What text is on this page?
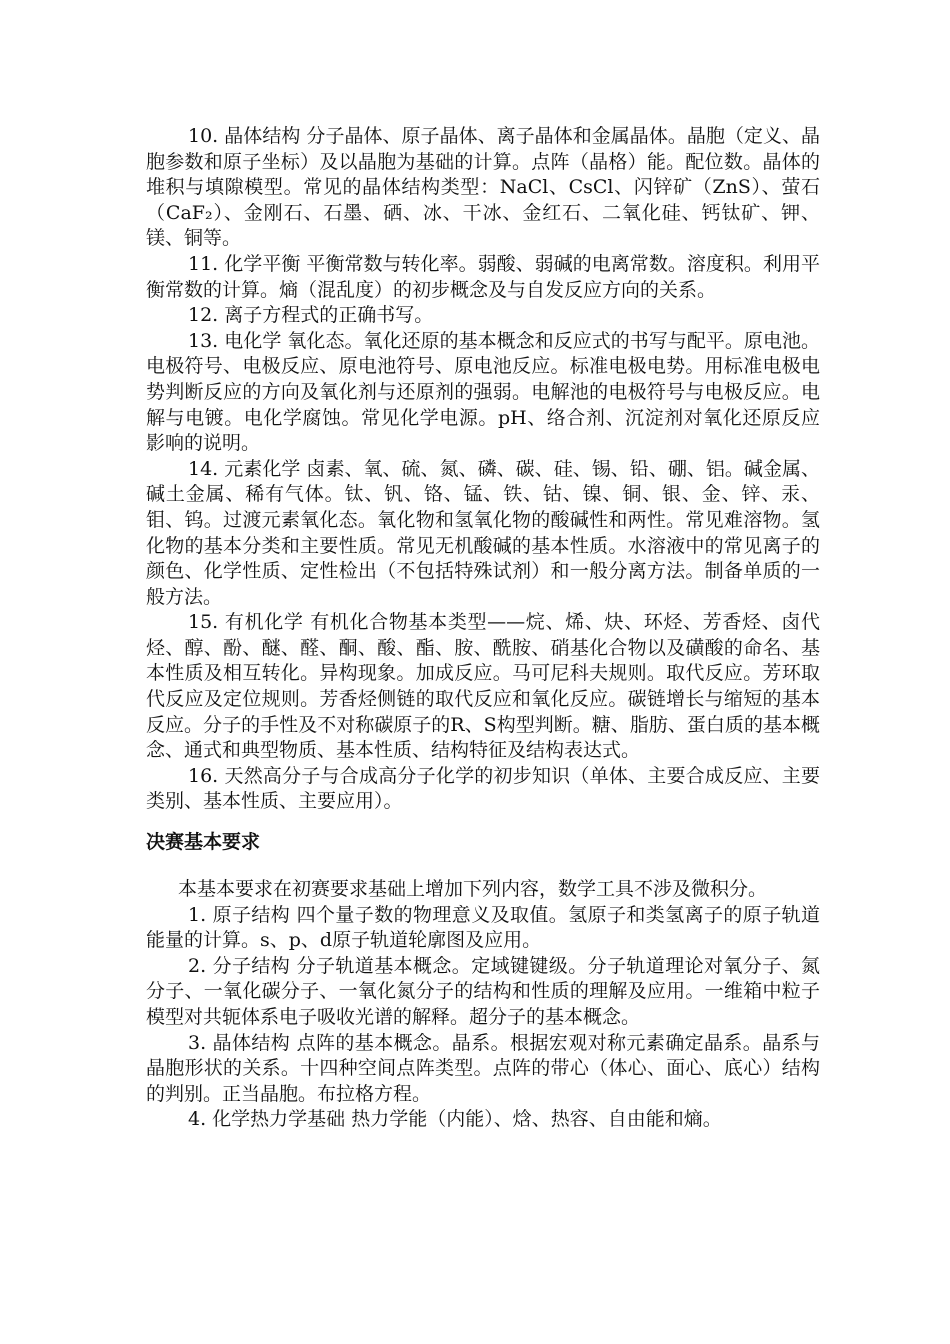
10. 晶体结构 分子晶体、原子晶体、离子晶体和金属晶体。晶胞（定义、晶胞参数和原子坐标）及以晶胞为基础的计算。点阵（晶格）能。配位数。晶体的堆积与填隙模型。常见的晶体结构类型：NaCl、CsCl、闪锌矿（ZnS）、萤石（CaF₂）、金刚石、石墨、硒、冰、干冰、金红石、二氧化硅、钙钛矿、钾、镁、铜等。

11. 化学平衡 平衡常数与转化率。弱酸、弱碱的电离常数。溶度积。利用平衡常数的计算。熵（混乱度）的初步概念及与自发反应方向的关系。

12. 离子方程式的正确书写。

13. 电化学 氧化态。氧化还原的基本概念和反应式的书写与配平。原电池。电极符号、电极反应、原电池符号、原电池反应。标准电极电势。用标准电极电势判断反应的方向及氧化剂与还原剂的强弱。电解池的电极符号与电极反应。电解与电镀。电化学腐蚀。常见化学电源。pH、络合剂、沉淀剂对氧化还原反应影响的说明。

14. 元素化学 卤素、氧、硫、氮、磷、碳、硅、锡、铅、硼、铝。碱金属、碱土金属、稀有气体。钛、钒、铬、锰、铁、钴、镍、铜、银、金、锌、汞、钼、钨。过渡元素氧化态。氧化物和氢氧化物的酸碱性和两性。常见难溶物。氢化物的基本分类和主要性质。常见无机酸碱的基本性质。水溶液中的常见离子的颜色、化学性质、定性检出（不包括特殊试剂）和一般分离方法。制备单质的一般方法。

15. 有机化学 有机化合物基本类型——烷、烯、炔、环烃、芳香烃、卤代烃、醇、酚、醚、醛、酮、酸、酯、胺、酰胺、硝基化合物以及磺酸的命名、基本性质及相互转化。异构现象。加成反应。马可尼科夫规则。取代反应。芳环取代反应及定位规则。芳香烃侧链的取代反应和氧化反应。碳链增长与缩短的基本反应。分子的手性及不对称碳原子的R、S构型判断。糖、脂肪、蛋白质的基本概念、通式和典型物质、基本性质、结构特征及结构表达式。

16. 天然高分子与合成高分子化学的初步知识（单体、主要合成反应、主要类别、基本性质、主要应用）。

决赛基本要求

本基本要求在初赛要求基础上增加下列内容，数学工具不涉及微积分。

1. 原子结构 四个量子数的物理意义及取值。氢原子和类氢离子的原子轨道能量的计算。s、p、d原子轨道轮廓图及应用。

2. 分子结构 分子轨道基本概念。定域键键级。分子轨道理论对氧分子、氮分子、一氧化碳分子、一氧化氮分子的结构和性质的理解及应用。一维箱中粒子模型对共轭体系电子吸收光谱的解释。超分子的基本概念。

3. 晶体结构 点阵的基本概念。晶系。根据宏观对称元素确定晶系。晶系与晶胞形状的关系。十四种空间点阵类型。点阵的带心（体心、面心、底心）结构的判别。正当晶胞。布拉格方程。

4. 化学热力学基础 热力学能（内能）、焓、热容、自由能和熵。
